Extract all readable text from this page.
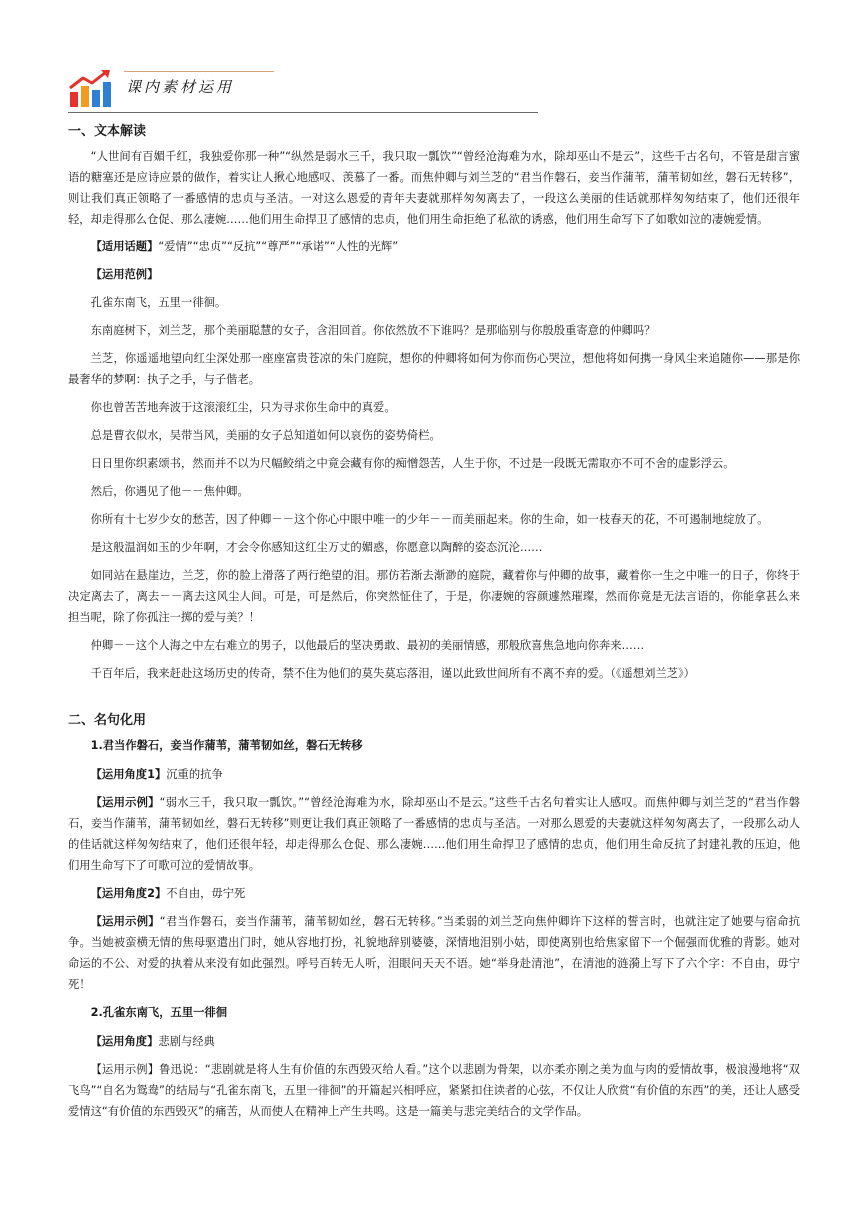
课内素材运用
一、文本解读

“人世间有百媚千红，我独爱你那一种”“纵然是弱水三千，我只取一瓢饮”“曾经沧海难为水，除却巫山不是云”，这些千古名句，不管是甜言蜜语的糖塞还是应诗应景的做作，着实让人揪心地感叹、羡慕了一番。而焦仲卿与刘兰芝的“君当作磐石，妾当作蒲苇，蒲苇韧如丝，磐石无转移”，则让我们真正领略了一番感情的忠贞与圣洁。一对这么恩爱的青年夫妻就那样匆匆离去了，一段这么美丽的佳话就那样匆匆结束了，他们还很年轻，却走得那么仓促、那么凄婉……他们用生命捍卫了感情的忠贞，他们用生命拒绝了私欲的诱惑，他们用生命写下了如歌如泣的凄婉爱情。

【适用话题】“爱情”“忠贞”“反抗”“尊严”“承诺”“人性的光辉”

【运用范例】

孔雀东南飞，五里一徘徊。

东南庭树下，刘兰芝，那个美丽聪慧的女子，含泪回首。你依然放不下谁吗？是那临别与你殷殷重寄意的仲卿吗？

兰芝，你遥遥地望向红尘深处那一座座富贵苍凉的朱门庭院，想你的仲卿将如何为你而伤心哭泣，想他将如何携一身风尘来追随你——那是你最奢华的梦啊：执子之手，与子偕老。

你也曾苦苦地奔波于这滚滚红尘，只为寻求你生命中的真爱。

总是曹衣似水，吴带当风，美丽的女子总知道如何以哀伤的姿势倚栏。

日日里你织素颂书，然而并不以为尺幅鲛绡之中竟会藏有你的痴憎怨苦，人生于你，不过是一段既无需取亦不可不舍的虚影浮云。

然后，你遇见了他－－焦仲卿。

你所有十七岁少女的愁苦，因了仲卿－－这个你心中眼中唯一的少年－－而美丽起来。你的生命，如一枝春天的花，不可遏制地绽放了。

是这般温润如玉的少年啊，才会令你感知这红尘万丈的媚惑，你愿意以陶醉的姿态沉沦……

如同站在悬崖边，兰芝，你的脸上滑落了两行绝望的泪。那仿若渐去渐渺的庭院，藏着你与仲卿的故事，藏着你一生之中唯一的日子，你终于决定离去了，离去－－离去这风尘人间。可是，可是然后，你突然怔住了，于是，你凄婉的容颜遽然璀璨，然而你竟是无法言语的，你能拿甚么来担当呢，除了你孤注一掷的爱与美？！

仲卿－－这个人海之中左右难立的男子，以他最后的坚决勇敢、最初的美丽情感，那般欣喜焦急地向你奔来……

千百年后，我来赶赴这场历史的传奇，禁不住为他们的莫失莫忘落泪，谨以此致世间所有不离不弃的爱。（《遥想刘兰芝》）

二、名句化用

1.君当作磐石，妾当作蒲苇，蒲苇韧如丝，磐石无转移

【运用角度1】沉重的抗争

【运用示例】“弱水三千，我只取一瓢饮。”“曾经沧海难为水，除却巫山不是云。”这些千古名句着实让人感叹。而焦仲卿与刘兰芝的“君当作磐石，妾当作蒲苇，蒲苇韧如丝，磐石无转移”则更让我们真正领略了一番感情的忠贞与圣洁。一对那么恩爱的夫妻就这样匆匆离去了，一段那么动人的佳话就这样匆匆结束了，他们还很年轻，却走得那么仓促、那么凄婉……他们用生命捍卫了感情的忠贞，他们用生命反抗了封建礼教的压迫，他们用生命写下了可歌可泣的爱情故事。

【运用角度2】不自由，毋宁死

【运用示例】“君当作磐石，妾当作蒲苇，蒲苇韧如丝，磐石无转移。”当柔弱的刘兰芝向焦仲卿许下这样的誓言时，也就注定了她要与宿命抗争。当她被蛮横无情的焦母驱遣出门时，她从容地打扮，礼貌地辞别婆婆，深情地泪别小姑，即使离别也给焦家留下一个倔强而优雅的背影。她对命运的不公、对爱的执着从来没有如此强烈。呼号百转无人听，泪眼问天天不语。她“举身赴清池”，在清池的涟漪上写下了六个字：不自由，毋宁死！

2.孔雀东南飞，五里一徘徊

【运用角度】悲剧与经典

【运用示例】鲁迅说：“悲剧就是将人生有价值的东西毁灭给人看。”这个以悲剧为骨架，以亦柔亦刚之美为血与肉的爱情故事，极浪漫地将“双飞鸟”“自名为鸳鸯”的结局与“孔雀东南飞，五里一徘徊”的开篇起兴相呼应，紧紧扣住读者的心弦，不仅让人欣赏“有价值的东西”的美，还让人感受爱情这“有价值的东西毁灭”的痛苦，从而使人在精神上产生共鸣。这是一篇美与悲完美结合的文学作品。
